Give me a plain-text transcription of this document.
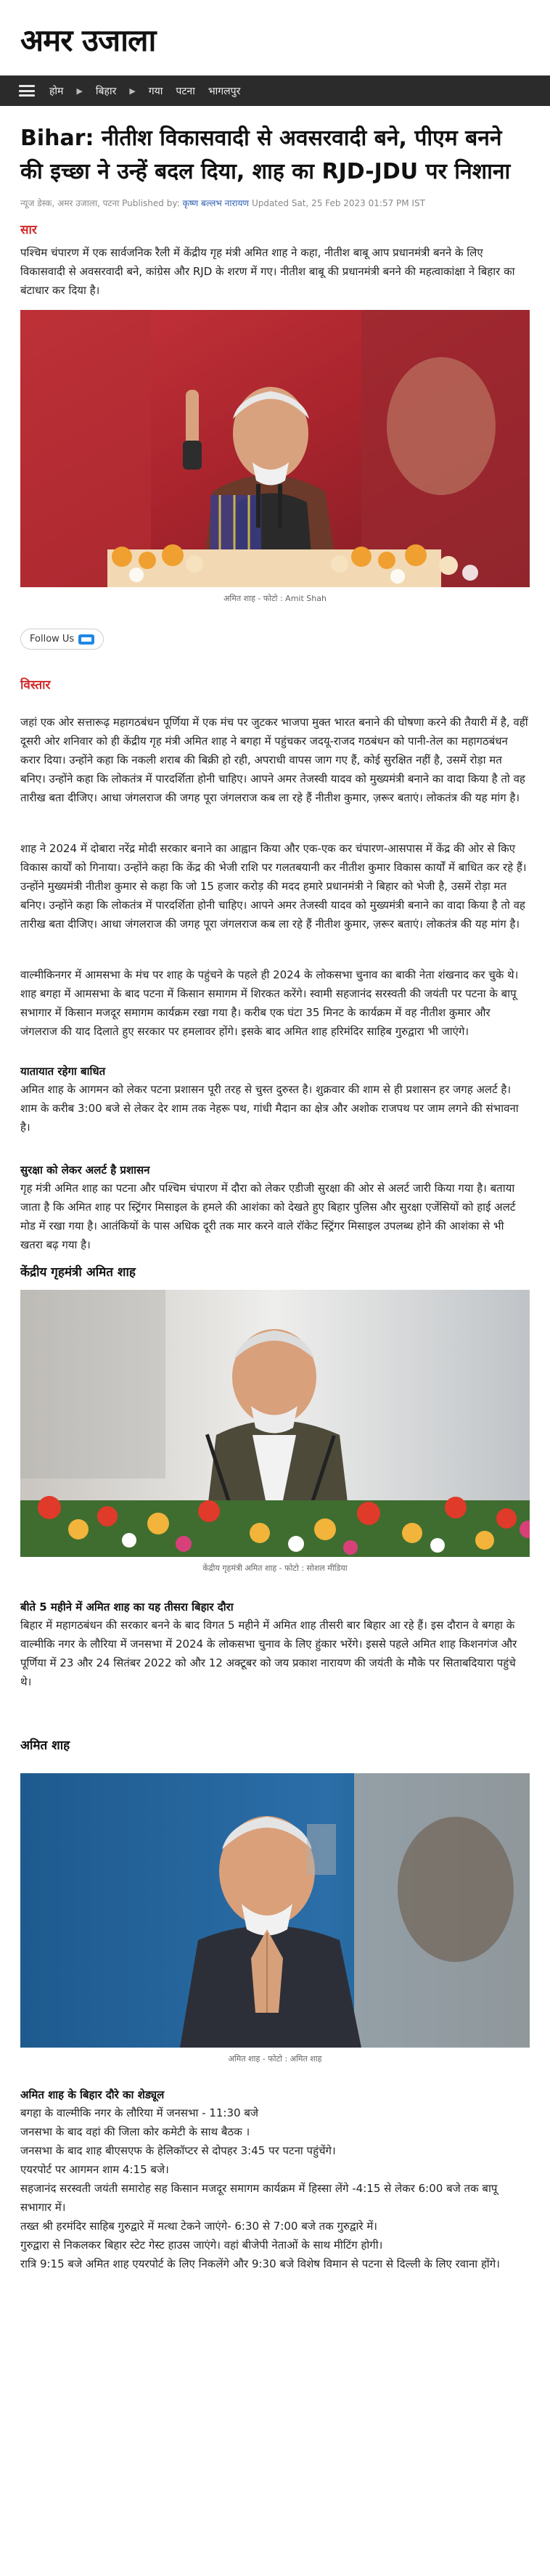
अमर उजाला
होम ▶ बिहार ▶ गया पटना भागलपुर
Bihar: नीतीश विकासवादी से अवसरवादी बने, पीएम बनने की इच्छा ने उन्हें बदल दिया, शाह का RJD-JDU पर निशाना
न्यूज डेस्क, अमर उजाला, पटना Published by: कृष्ण बल्लभ नारायण Updated Sat, 25 Feb 2023 01:57 PM IST
सार
पश्चिम चंपारण में एक सार्वजनिक रैली में केंद्रीय गृह मंत्री अमित शाह ने कहा, नीतीश बाबू आप प्रधानमंत्री बनने के लिए विकासवादी से अवसरवादी बने, कांग्रेस और RJD के शरण में गए। नीतीश बाबू की प्रधानमंत्री बनने की महत्वाकांक्षा ने बिहार का बंटाधार कर दिया है।
अमित शाह - फोटो : Amit Shah
Follow Us
विस्तार

जहां एक ओर सत्तारूढ़ महागठबंधन पूर्णिया में एक मंच पर जुटकर भाजपा मुक्त भारत बनाने की घोषणा करने की तैयारी में है, वहीं दूसरी ओर शनिवार को ही केंद्रीय गृह मंत्री अमित शाह ने बगहा में पहुंचकर जदयू-राजद गठबंधन को पानी-तेल का महागठबंधन करार दिया। उन्होंने कहा कि नकली शराब की बिक्री हो रही, अपराधी वापस जाग गए हैं, कोई सुरक्षित नहीं है, उसमें रोड़ा मत बनिए। उन्होंने कहा कि लोकतंत्र में पारदर्शिता होनी चाहिए। आपने अमर तेजस्वी यादव को मुख्यमंत्री बनाने का वादा किया है तो वह तारीख बता दीजिए। आधा जंगलराज की जगह पूरा जंगलराज कब ला रहे हैं नीतीश कुमार, ज़रूर बताएं। लोकतंत्र की यह मांग है।

शाह ने 2024 में दोबारा नरेंद्र मोदी सरकार बनाने का आह्वान किया और एक-एक कर चंपारण-आसपास में केंद्र की ओर से किए विकास कार्यों को गिनाया। उन्होंने कहा कि केंद्र की भेजी राशि पर गलतबयानी कर नीतीश कुमार विकास कार्यों में बाधित कर रहे हैं। उन्होंने मुख्यमंत्री नीतीश कुमार से कहा कि जो 15 हजार करोड़ की मदद हमारे प्रधानमंत्री ने बिहार को भेजी है, उसमें रोड़ा मत बनिए। उन्होंने कहा कि लोकतंत्र में पारदर्शिता होनी चाहिए। आपने अमर तेजस्वी यादव को मुख्यमंत्री बनाने का वादा किया है तो वह तारीख बता दीजिए। आधा जंगलराज की जगह पूरा जंगलराज कब ला रहे हैं नीतीश कुमार, ज़रूर बताएं। लोकतंत्र की यह मांग है।

वाल्मीकिनगर में आमसभा के मंच पर शाह के पहुंचने के पहले ही 2024 के लोकसभा चुनाव का बाकी नेता शंखनाद कर चुके थे। शाह बगहा में आमसभा के बाद पटना में किसान समागम में शिरकत करेंगे। स्वामी सहजानंद सरस्वती की जयंती पर पटना के बापू सभागार में किसान मजदूर समागम कार्यक्रम रखा गया है। करीब एक घंटा 35 मिनट के कार्यक्रम में वह नीतीश कुमार और जंगलराज की याद दिलाते हुए सरकार पर हमलावर होंगे। इसके बाद अमित शाह हरिमंदिर साहिब गुरुद्वारा भी जाएंगे।

यातायात रहेगा बाधित

अमित शाह के आगमन को लेकर पटना प्रशासन पूरी तरह से चुस्त दुरुस्त है। शुक्रवार की शाम से ही प्रशासन हर जगह अलर्ट है। शाम के करीब 3:00 बजे से लेकर देर शाम तक नेहरू पथ, गांधी मैदान का क्षेत्र और अशोक राजपथ पर जाम लगने की संभावना है।

सुरक्षा को लेकर अलर्ट है प्रशासन

गृह मंत्री अमित शाह का पटना और पश्चिम चंपारण में दौरा को लेकर एडीजी सुरक्षा की ओर से अलर्ट जारी किया गया है। बताया जाता है कि अमित शाह पर स्ट्रिंगर मिसाइल के हमले की आशंका को देखते हुए बिहार पुलिस और सुरक्षा एजेंसियों को हाई अलर्ट मोड में रखा गया है। आतंकियों के पास अधिक दूरी तक मार करने वाले रॉकेट स्ट्रिंगर मिसाइल उपलब्ध होने की आशंका से भी खतरा बढ़ गया है।

केंद्रीय गृहमंत्री अमित शाह
केंद्रीय गृहमंत्री अमित शाह - फोटो : सोशल मीडिया
बीते 5 महीने में अमित शाह का यह तीसरा बिहार दौरा

बिहार में महागठबंधन की सरकार बनने के बाद विगत 5 महीने में अमित शाह तीसरी बार बिहार आ रहे हैं। इस दौरान वे बगहा के वाल्मीकि नगर के लौरिया में जनसभा में 2024 के लोकसभा चुनाव के लिए हुंकार भरेंगे। इससे पहले अमित शाह किशनगंज और पूर्णिया में 23 और 24 सितंबर 2022 को और 12 अक्टूबर को जय प्रकाश नारायण की जयंती के मौके पर सिताबदियारा पहुंचे थे।

अमित शाह
अमित शाह - फोटो : अमित शाह
अमित शाह के बिहार दौरे का शेड्यूल

बगहा के वाल्मीकि नगर के लौरिया में जनसभा - 11:30 बजे

जनसभा के बाद वहां की जिला कोर कमेटी के साथ बैठक ।

जनसभा के बाद शाह बीएसएफ के हेलिकॉप्टर से दोपहर 3:45 पर पटना पहुंचेंगे।

एयरपोर्ट पर आगमन शाम 4:15 बजे।

सहजानंद सरस्वती जयंती समारोह सह किसान मजदूर समागम कार्यक्रम में हिस्सा लेंगे -4:15 से लेकर 6:00 बजे तक बापू सभागार में।

तख्त श्री हरमंदिर साहिब गुरुद्वारे में मत्था टेकने जाएंगे- 6:30 से 7:00 बजे तक गुरुद्वारे में।

गुरुद्वारा से निकलकर बिहार स्टेट गेस्ट हाउस जाएंगे। वहां बीजेपी नेताओं के साथ मीटिंग होगी।

रात्रि 9:15 बजे अमित शाह एयरपोर्ट के लिए निकलेंगे और 9:30 बजे विशेष विमान से पटना से दिल्ली के लिए रवाना होंगे।
